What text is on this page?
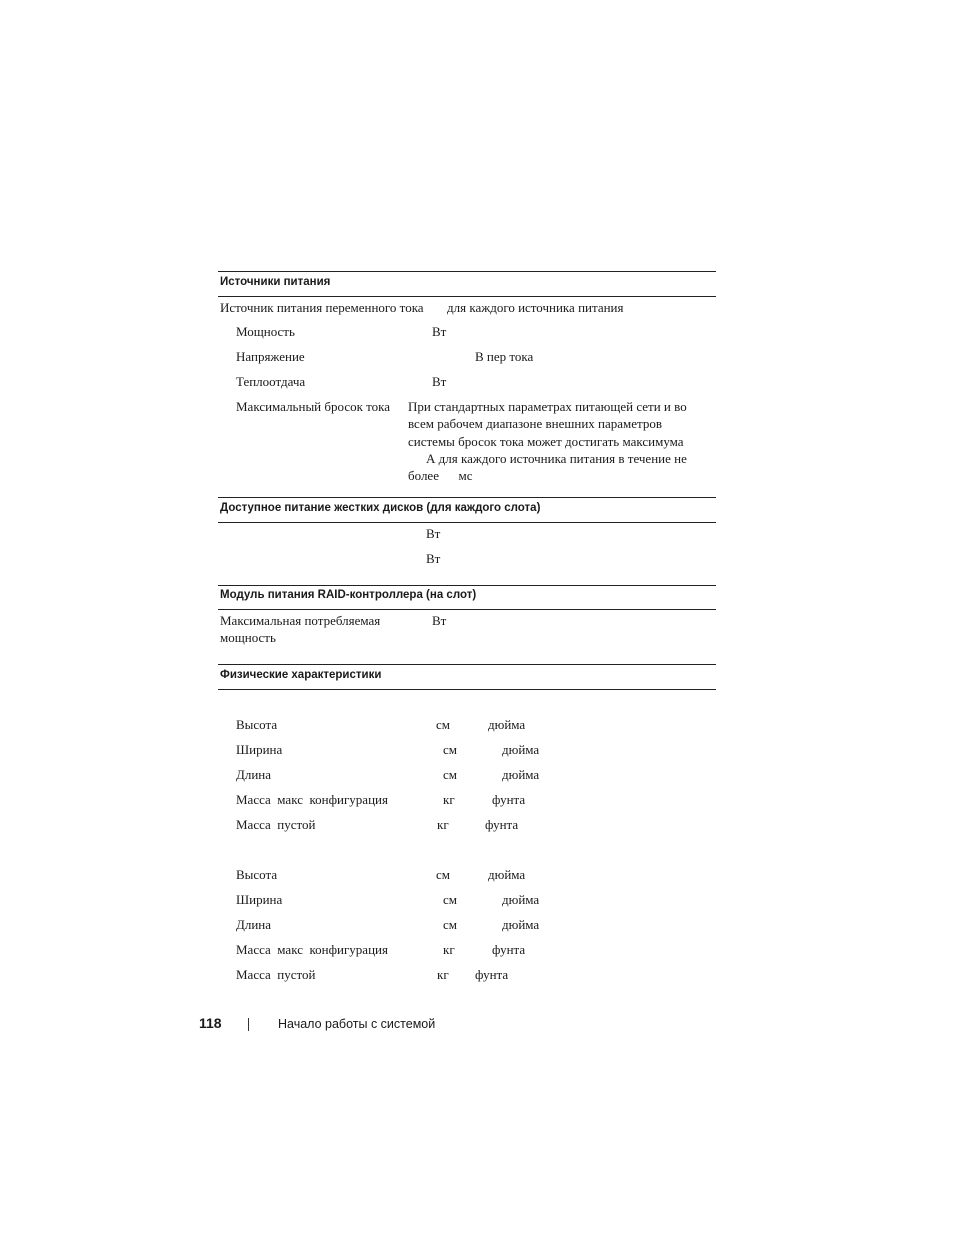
Источники питания
Источник питания переменного тока для каждого источника питания
Мощность	Вт
Напряжение	В пер тока
Теплоотдача	Вт
Максимальный бросок тока При стандартных параметрах питающей сети и во
всем рабочем диапазоне внешних параметров
системы бросок тока может достигать максимума
А для каждого источника питания в течение не
более      мс
Доступное питание жестких дисков (для каждого слота)
Вт
Вт
Модуль питания RAID-контроллера (на слот)
Максимальная потребляемая
мощность
Вт
Физические характеристики
Высота	см	дюйма
Ширина	см	дюйма
Длина	см	дюйма
Масса  макс  конфигурация	кг	фунта
Масса  пустой	кг	фунта
Высота	см	дюйма
Ширина	см	дюйма
Длина	см	дюйма
Масса  макс  конфигурация	кг	фунта
Масса  пустой	кг фунта
118	Начало работы с системой
